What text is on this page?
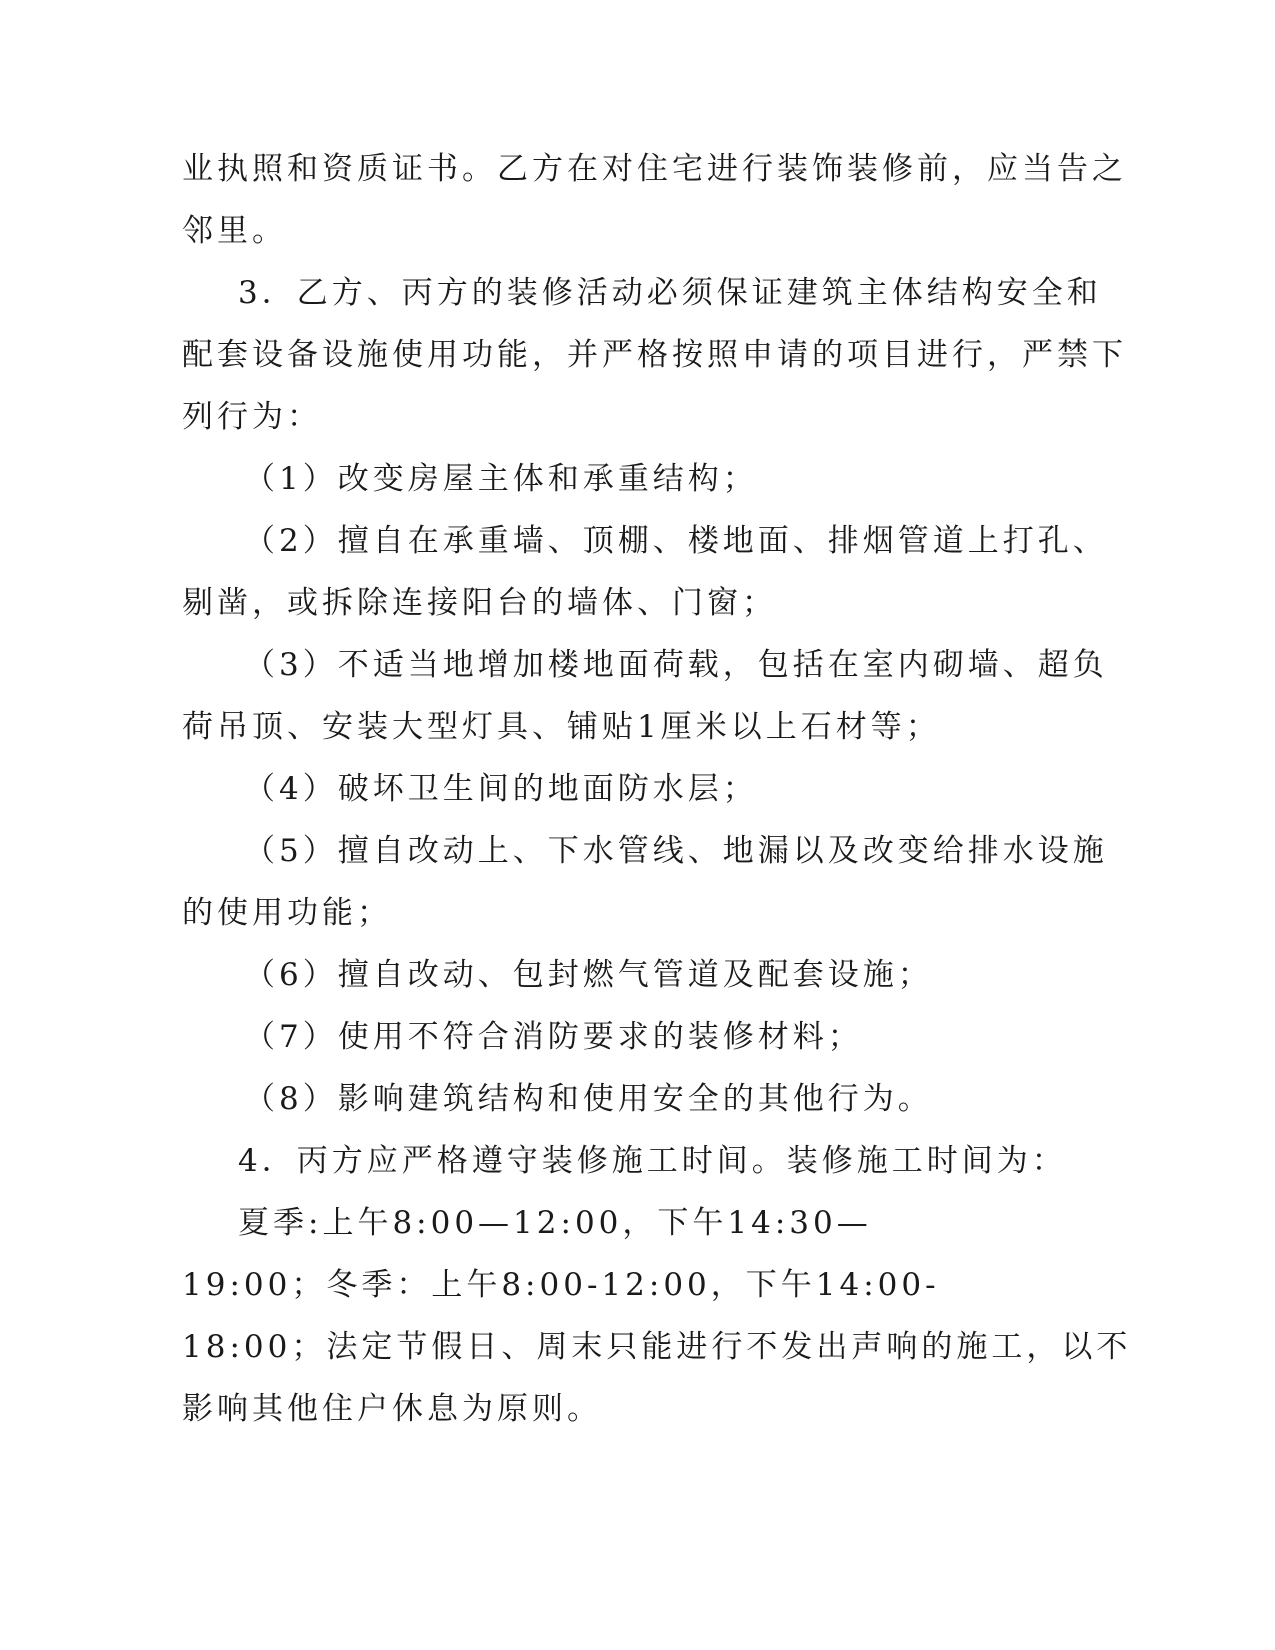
业执照和资质证书。乙方在对住宅进行装饰装修前，应当告之
邻里。
3．乙方、丙方的装修活动必须保证建筑主体结构安全和
配套设备设施使用功能，并严格按照申请的项目进行，严禁下
列行为：
（1）改变房屋主体和承重结构；
（2）擅自在承重墙、顶棚、楼地面、排烟管道上打孔、
剔凿，或拆除连接阳台的墙体、门窗；
（3）不适当地增加楼地面荷载，包括在室内砌墙、超负
荷吊顶、安装大型灯具、铺贴1厘米以上石材等；
（4）破坏卫生间的地面防水层；
（5）擅自改动上、下水管线、地漏以及改变给排水设施
的使用功能；
（6）擅自改动、包封燃气管道及配套设施；
（7）使用不符合消防要求的装修材料；
（8）影响建筑结构和使用安全的其他行为。
4．丙方应严格遵守装修施工时间。装修施工时间为：
夏季:上午8:00—12:00，下午14:30—
19:00；冬季：上午8:00-12:00，下午14:00-
18:00；法定节假日、周末只能进行不发出声响的施工，以不
影响其他住户休息为原则。
